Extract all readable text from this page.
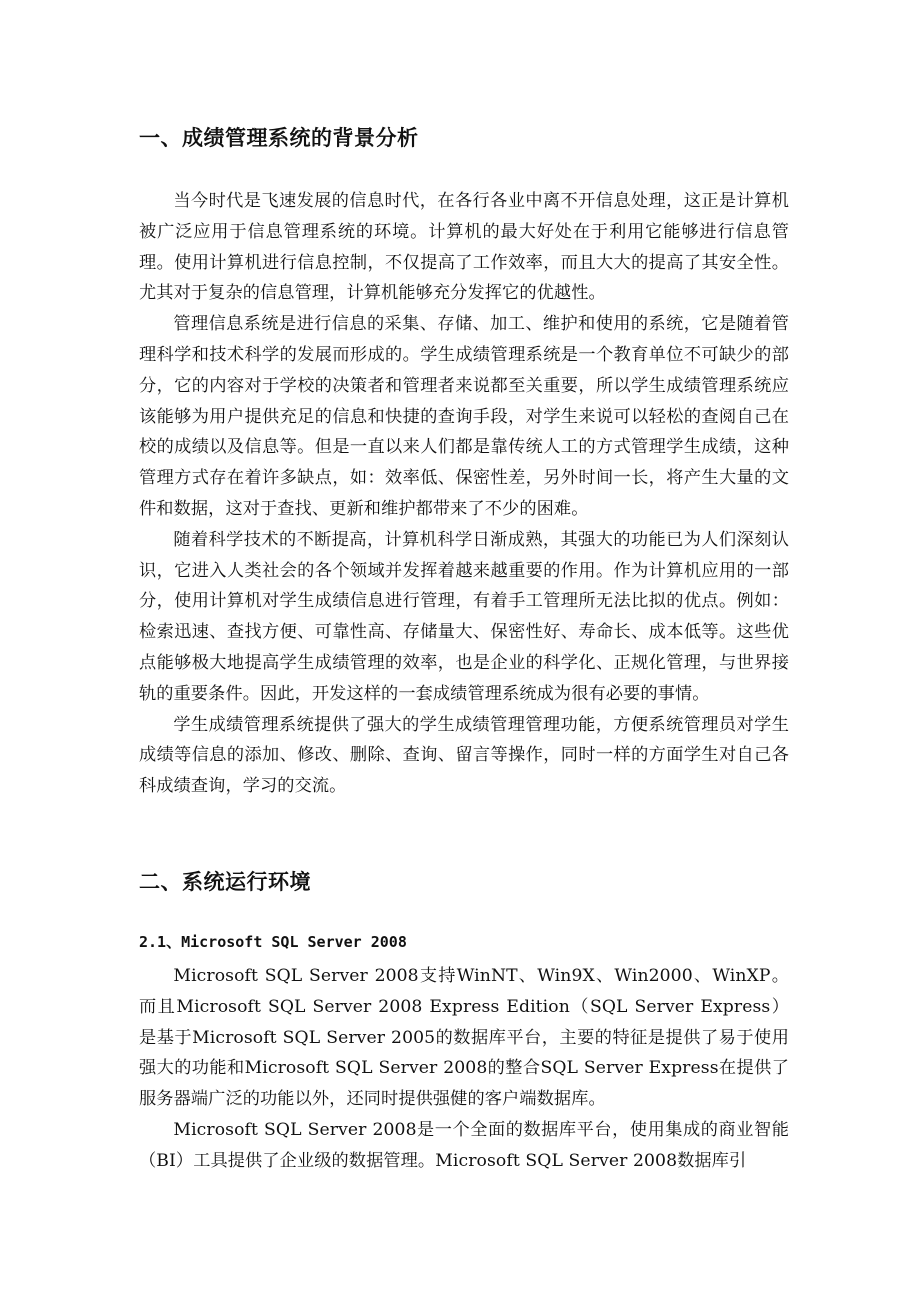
一、成绩管理系统的背景分析

当今时代是飞速发展的信息时代，在各行各业中离不开信息处理，这正是计算机被广泛应用于信息管理系统的环境。计算机的最大好处在于利用它能够进行信息管理。使用计算机进行信息控制，不仅提高了工作效率，而且大大的提高了其安全性。尤其对于复杂的信息管理，计算机能够充分发挥它的优越性。

管理信息系统是进行信息的采集、存储、加工、维护和使用的系统，它是随着管理科学和技术科学的发展而形成的。学生成绩管理系统是一个教育单位不可缺少的部分，它的内容对于学校的决策者和管理者来说都至关重要，所以学生成绩管理系统应该能够为用户提供充足的信息和快捷的查询手段，对学生来说可以轻松的查阅自己在校的成绩以及信息等。但是一直以来人们都是靠传统人工的方式管理学生成绩，这种管理方式存在着许多缺点，如：效率低、保密性差，另外时间一长，将产生大量的文件和数据，这对于查找、更新和维护都带来了不少的困难。

随着科学技术的不断提高，计算机科学日渐成熟，其强大的功能已为人们深刻认识，它进入人类社会的各个领域并发挥着越来越重要的作用。作为计算机应用的一部分，使用计算机对学生成绩信息进行管理，有着手工管理所无法比拟的优点。例如：检索迅速、查找方便、可靠性高、存储量大、保密性好、寿命长、成本低等。这些优点能够极大地提高学生成绩管理的效率，也是企业的科学化、正规化管理，与世界接轨的重要条件。因此，开发这样的一套成绩管理系统成为很有必要的事情。

学生成绩管理系统提供了强大的学生成绩管理管理功能，方便系统管理员对学生成绩等信息的添加、修改、删除、查询、留言等操作，同时一样的方面学生对自己各科成绩查询，学习的交流。

二、系统运行环境
2.1、Microsoft SQL Server 2008

Microsoft SQL Server 2008支持WinNT、Win9X、Win2000、WinXP。而且Microsoft SQL Server 2008 Express Edition（SQL Server Express）是基于Microsoft SQL Server 2005的数据库平台，主要的特征是提供了易于使用强大的功能和Microsoft SQL Server 2008的整合SQL Server Express在提供了服务器端广泛的功能以外，还同时提供强健的客户端数据库。

Microsoft SQL Server 2008是一个全面的数据库平台，使用集成的商业智能（BI）工具提供了企业级的数据管理。Microsoft SQL Server 2008数据库引
